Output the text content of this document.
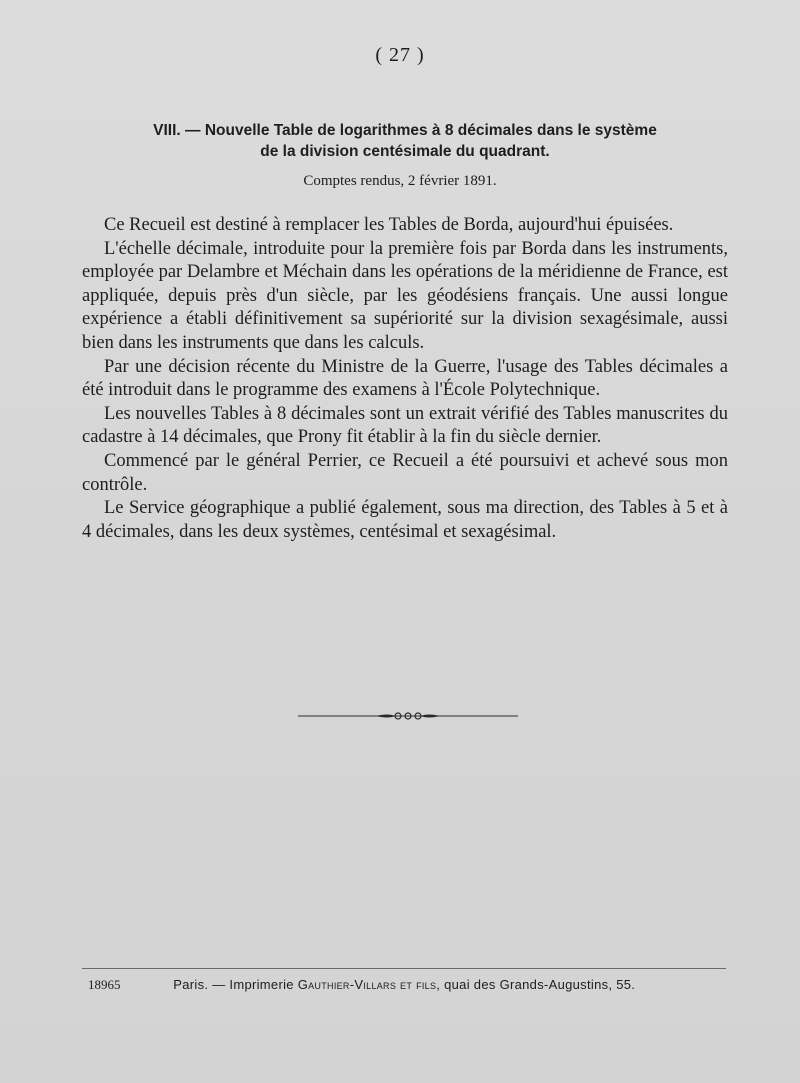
( 27 )
VIII. — Nouvelle Table de logarithmes à 8 décimales dans le système
de la division centésimale du quadrant.
Comptes rendus, 2 février 1891.

Ce Recueil est destiné à remplacer les Tables de Borda, aujourd'hui épuisées.

L'échelle décimale, introduite pour la première fois par Borda dans les instruments, employée par Delambre et Méchain dans les opérations de la méridienne de France, est appliquée, depuis près d'un siècle, par les géodésiens français. Une aussi longue expérience a établi définitivement sa supériorité sur la division sexagésimale, aussi bien dans les instruments que dans les calculs.

Par une décision récente du Ministre de la Guerre, l'usage des Tables décimales a été introduit dans le programme des examens à l'École Polytechnique.

Les nouvelles Tables à 8 décimales sont un extrait vérifié des Tables manuscrites du cadastre à 14 décimales, que Prony fit établir à la fin du siècle dernier.

Commencé par le général Perrier, ce Recueil a été poursuivi et achevé sous mon contrôle.

Le Service géographique a publié également, sous ma direction, des Tables à 5 et à 4 décimales, dans les deux systèmes, centésimal et sexagésimal.

18965	Paris. — Imprimerie Gauthier-Villars et fils, quai des Grands-Augustins, 55.
